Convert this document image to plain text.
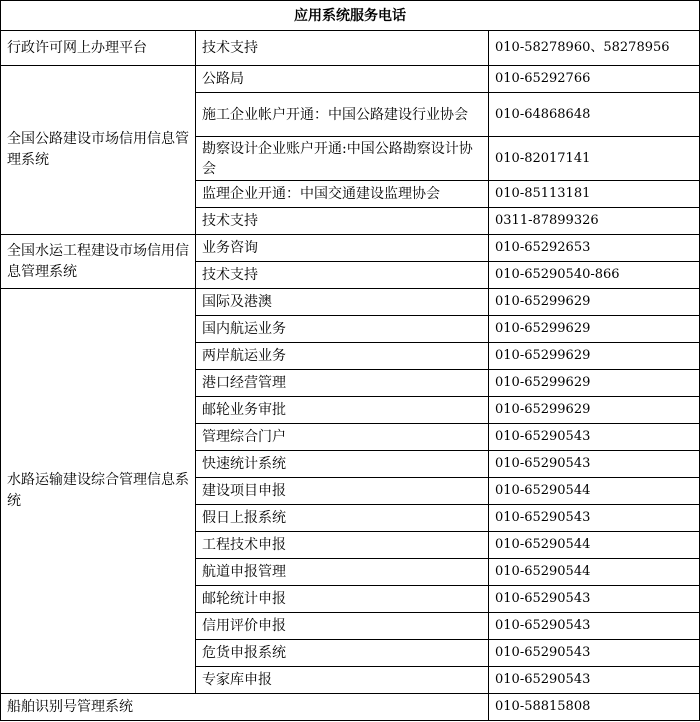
应用系统服务电话		
行政许可网上办理平台	技术支持	010-58278960、58278956
全国公路建设市场信用信息管理系统	公路局	010-65292766
	施工企业帐户开通：中国公路建设行业协会	010-64868648
	勘察设计企业账户开通:中国公路勘察设计协会	010-82017141
	监理企业开通：中国交通建设监理协会	010-85113181
	技术支持	0311-87899326
全国水运工程建设市场信用信息管理系统	业务咨询	010-65292653
	技术支持	010-65290540-866
水路运输建设综合管理信息系统	国际及港澳	010-65299629
	国内航运业务	010-65299629
	两岸航运业务	010-65299629
	港口经营管理	010-65299629
	邮轮业务审批	010-65299629
	管理综合门户	010-65290543
	快速统计系统	010-65290543
	建设项目申报	010-65290544
	假日上报系统	010-65290543
	工程技术申报	010-65290544
	航道申报管理	010-65290544
	邮轮统计申报	010-65290543
	信用评价申报	010-65290543
	危货申报系统	010-65290543
	专家库申报	010-65290543
船舶识别号管理系统		010-58815808
